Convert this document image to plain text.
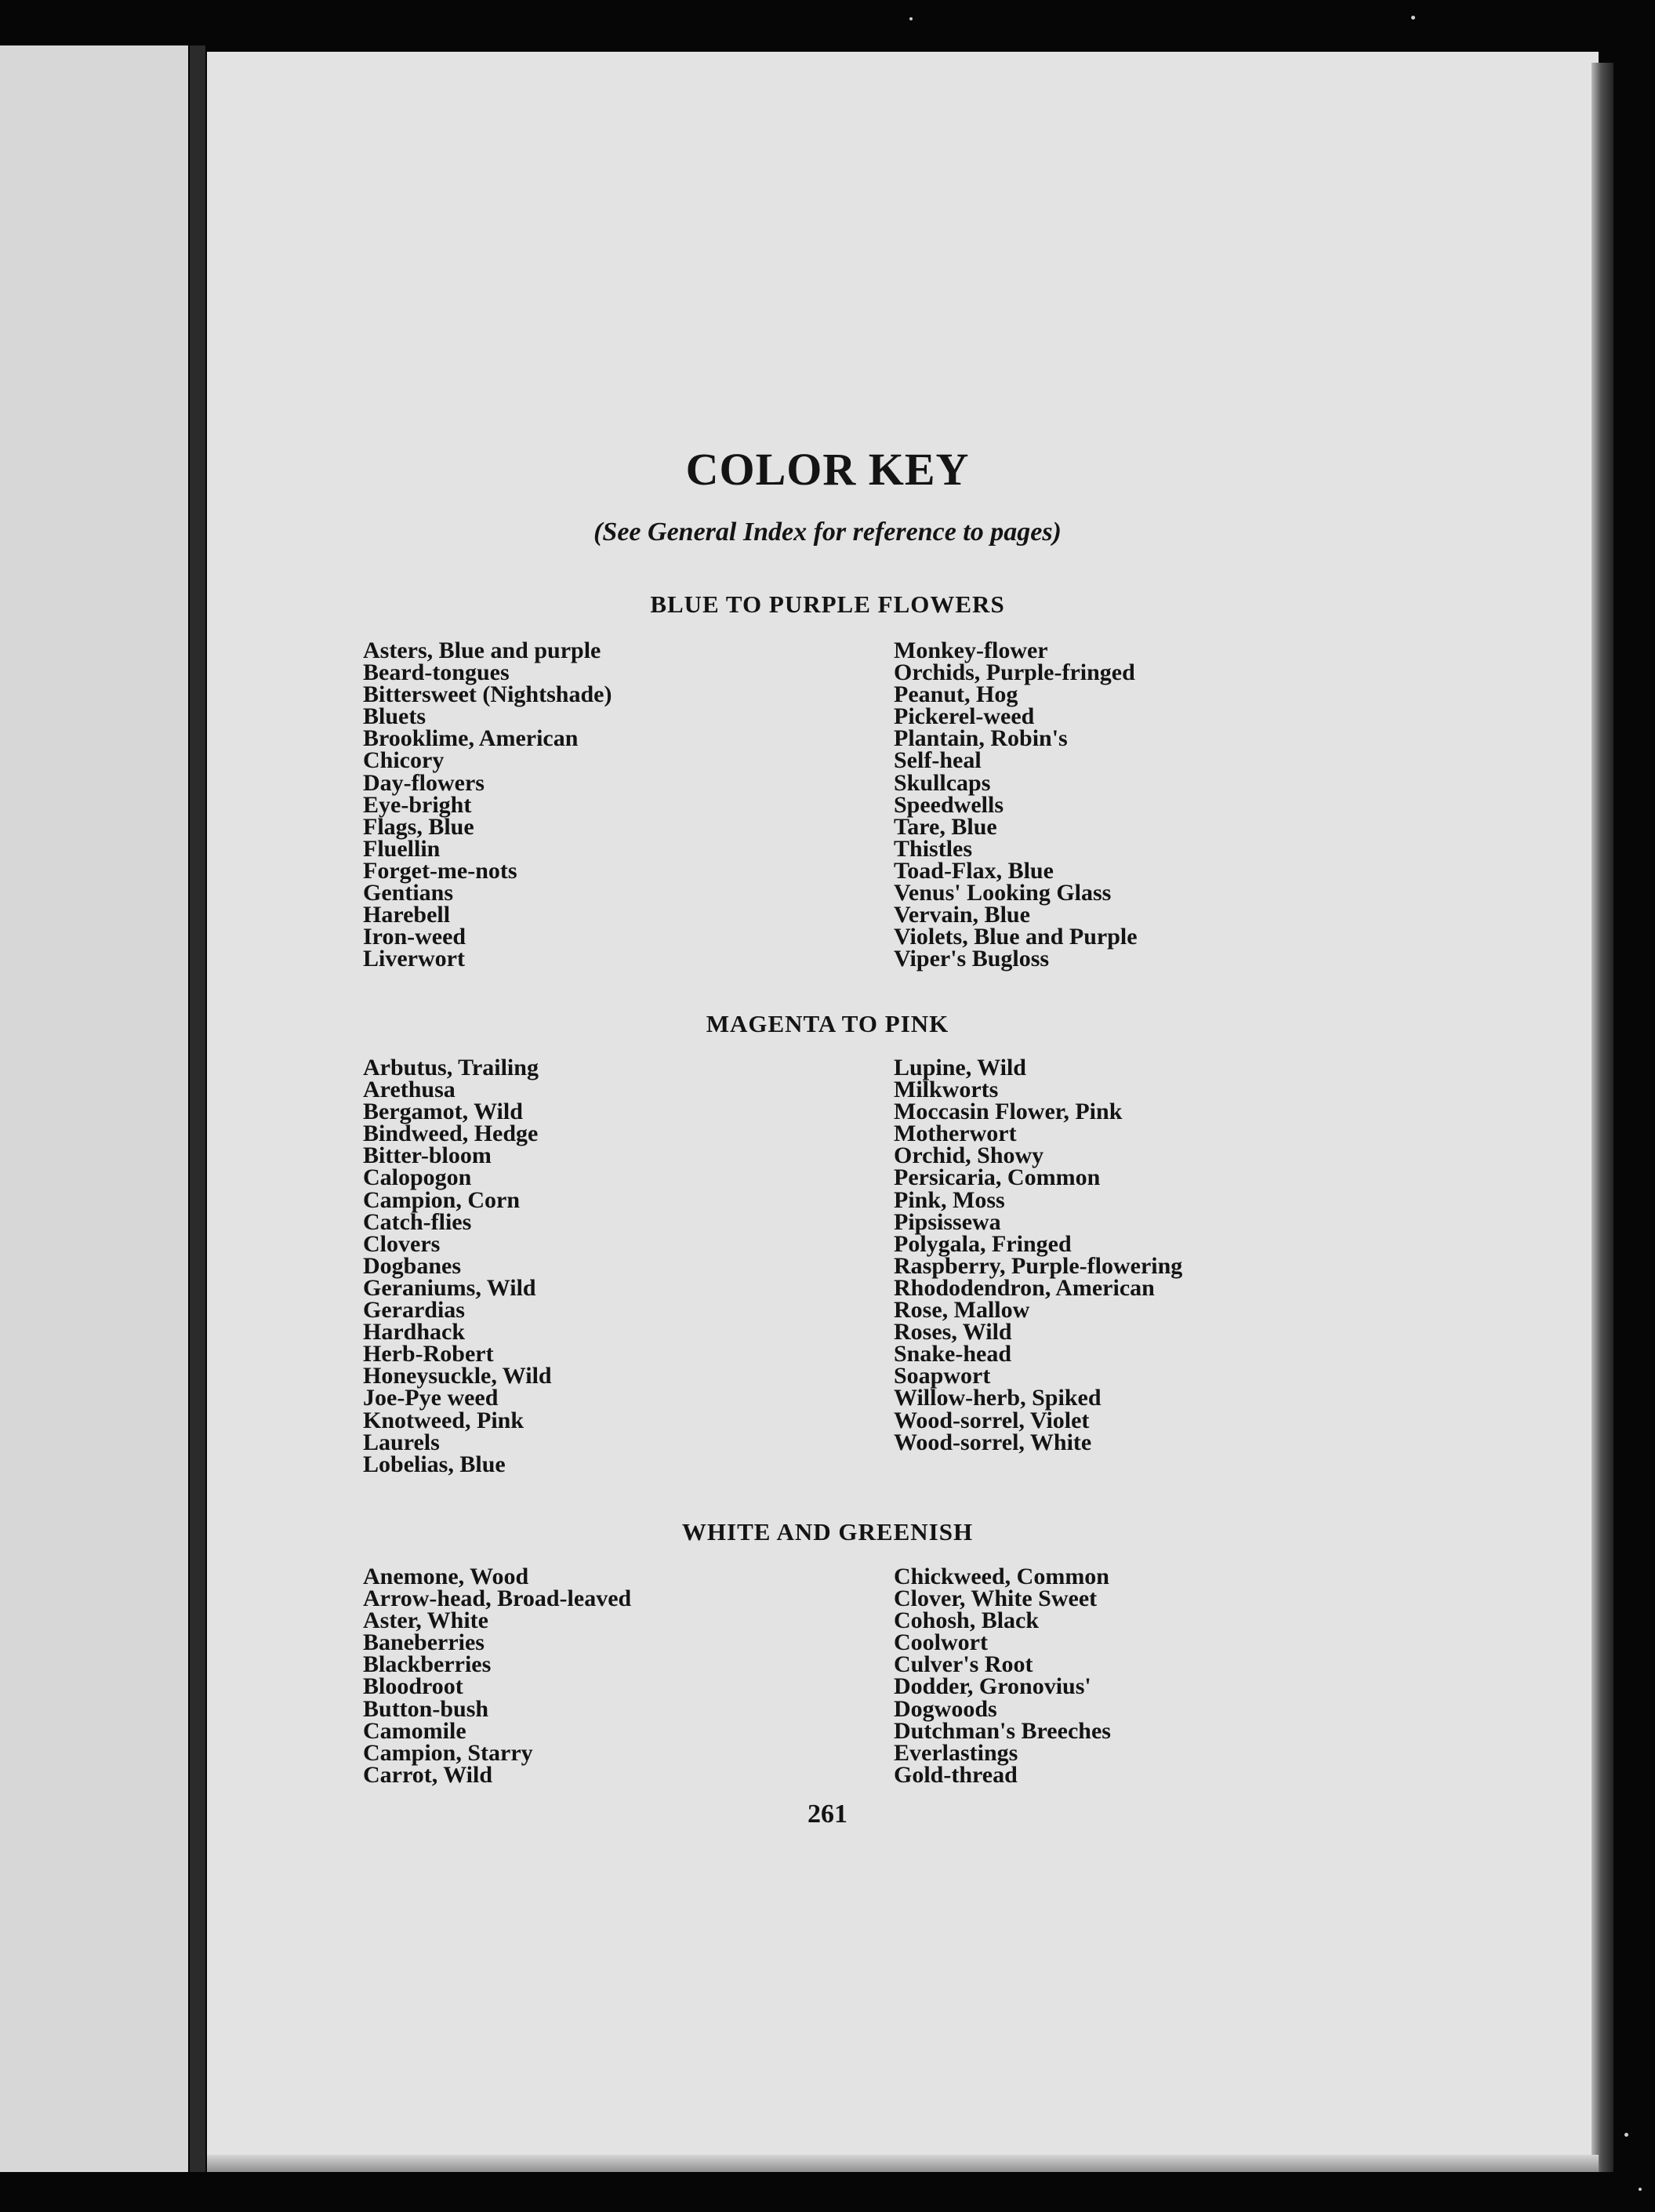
COLOR KEY
(See General Index for reference to pages)
BLUE TO PURPLE FLOWERS
Asters, Blue and purple
Beard-tongues
Bittersweet (Nightshade)
Bluets
Brooklime, American
Chicory
Day-flowers
Eye-bright
Flags, Blue
Fluellin
Forget-me-nots
Gentians
Harebell
Iron-weed
Liverwort
Monkey-flower
Orchids, Purple-fringed
Peanut, Hog
Pickerel-weed
Plantain, Robin's
Self-heal
Skullcaps
Speedwells
Tare, Blue
Thistles
Toad-Flax, Blue
Venus' Looking Glass
Vervain, Blue
Violets, Blue and Purple
Viper's Bugloss
MAGENTA TO PINK
Arbutus, Trailing
Arethusa
Bergamot, Wild
Bindweed, Hedge
Bitter-bloom
Calopogon
Campion, Corn
Catch-flies
Clovers
Dogbanes
Geraniums, Wild
Gerardias
Hardhack
Herb-Robert
Honeysuckle, Wild
Joe-Pye weed
Knotweed, Pink
Laurels
Lobelias, Blue
Lupine, Wild
Milkworts
Moccasin Flower, Pink
Motherwort
Orchid, Showy
Persicaria, Common
Pink, Moss
Pipsissewa
Polygala, Fringed
Raspberry, Purple-flowering
Rhododendron, American
Rose, Mallow
Roses, Wild
Snake-head
Soapwort
Willow-herb, Spiked
Wood-sorrel, Violet
Wood-sorrel, White
WHITE AND GREENISH
Anemone, Wood
Arrow-head, Broad-leaved
Aster, White
Baneberries
Blackberries
Bloodroot
Button-bush
Camomile
Campion, Starry
Carrot, Wild
Chickweed, Common
Clover, White Sweet
Cohosh, Black
Coolwort
Culver's Root
Dodder, Gronovius'
Dogwoods
Dutchman's Breeches
Everlastings
Gold-thread
261
